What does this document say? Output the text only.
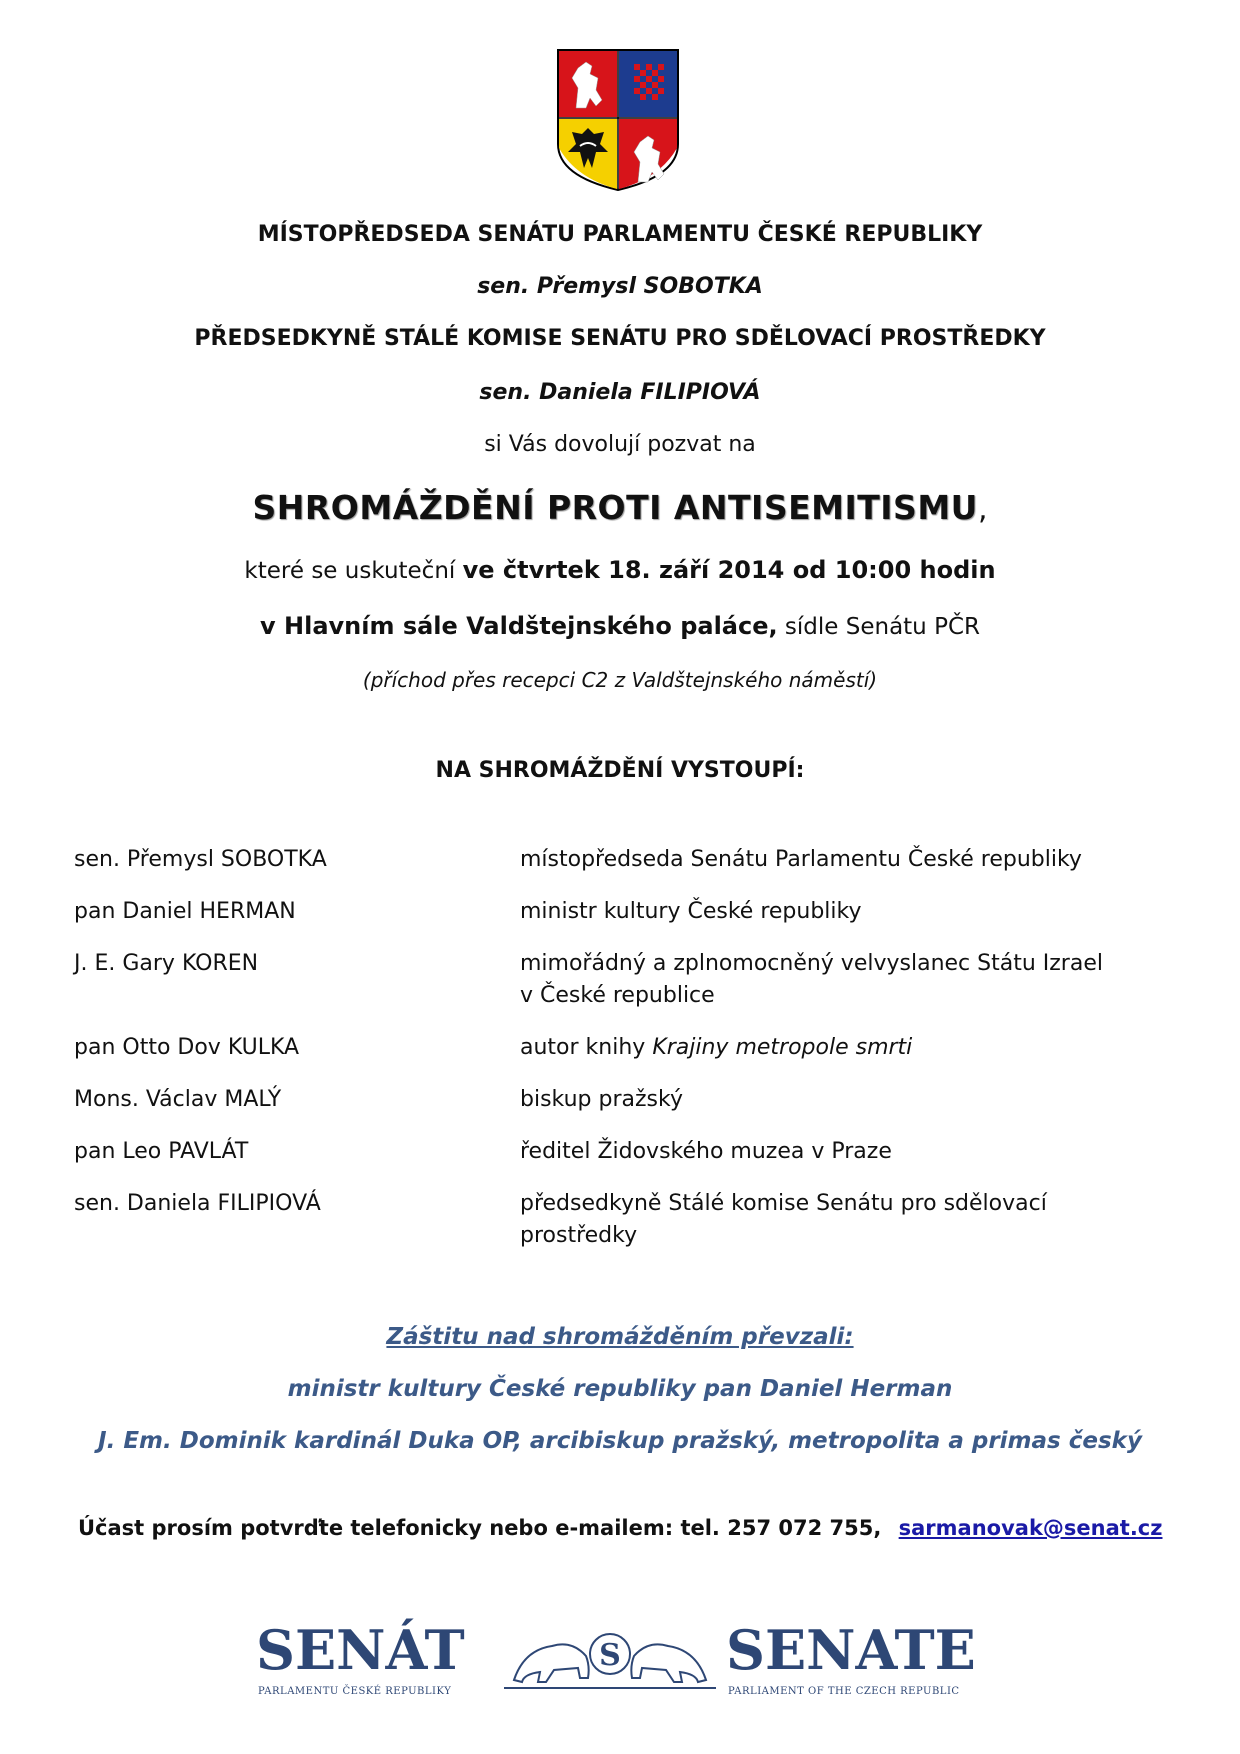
MÍSTOPŘEDSEDA SENÁTU PARLAMENTU ČESKÉ REPUBLIKY
sen. Přemysl SOBOTKA
PŘEDSEDKYNĚ STÁLÉ KOMISE SENÁTU PRO SDĚLOVACÍ PROSTŘEDKY
sen. Daniela FILIPIOVÁ
si Vás dovolují pozvat na
SHROMÁŽDĚNÍ PROTI ANTISEMITISMU,
které se uskuteční ve čtvrtek 18. září 2014 od 10:00 hodin
v Hlavním sále Valdštejnského paláce, sídle Senátu PČR
(příchod přes recepci C2 z Valdštejnského náměstí)
NA SHROMÁŽDĚNÍ VYSTOUPÍ:
sen. Přemysl SOBOTKA	místopředseda Senátu Parlamentu České republiky
pan Daniel HERMAN	ministr kultury České republiky
J. E. Gary KOREN	mimořádný a zplnomocněný velvyslanec Státu Izrael
v České republice
pan Otto Dov KULKA	autor knihy Krajiny metropole smrti
Mons. Václav MALÝ	biskup pražský
pan Leo PAVLÁT	ředitel Židovského muzea v Praze
sen. Daniela FILIPIOVÁ	předsedkyně Stálé komise Senátu pro sdělovací
prostředky
Záštitu nad shromážděním převzali:
ministr kultury České republiky pan Daniel Herman
J. Em. Dominik kardinál Duka OP, arcibiskup pražský, metropolita a primas český
Účast prosím potvrďte telefonicky nebo e-mailem: tel. 257 072 755, sarmanovak@senat.cz
SENÁT
PARLAMENTU ČESKÉ REPUBLIKY
S SENATE
PARLIAMENT OF THE CZECH REPUBLIC
